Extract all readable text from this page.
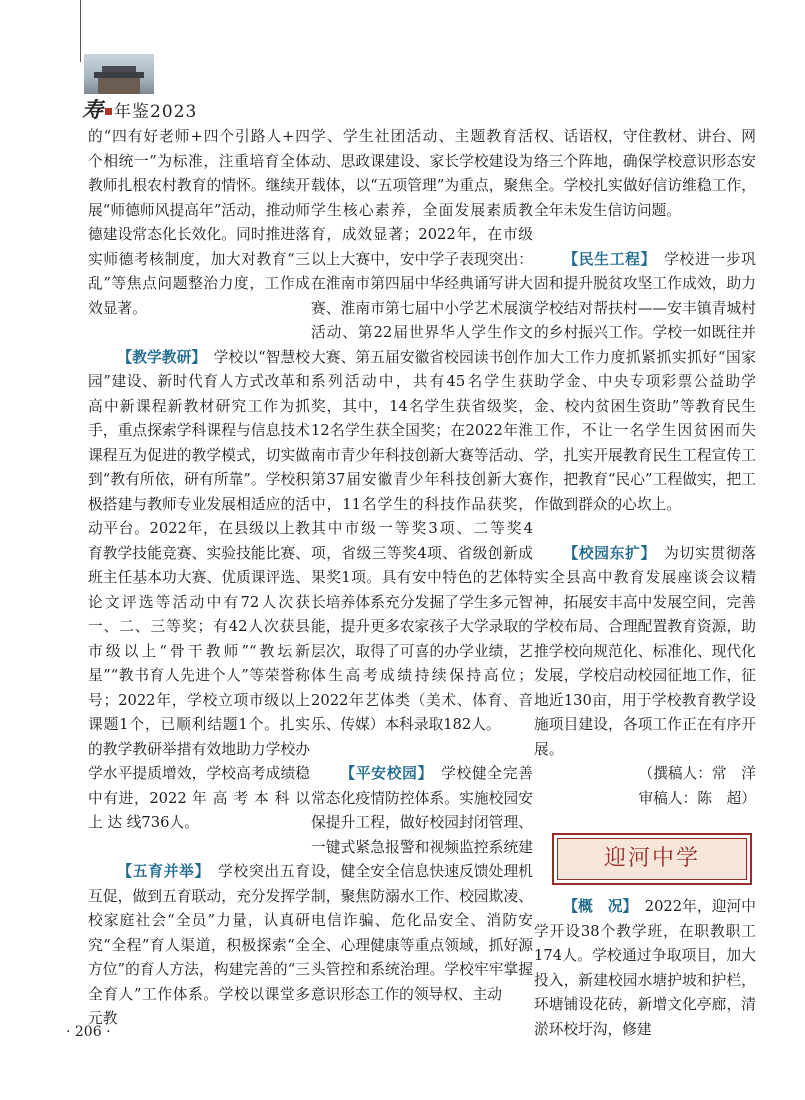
寿 年鉴2023

的“四有好老师+四个引路人+四个相统一”为标准，注重培育全体教师扎根农村教育的情怀。继续开展“师德师风提高年”活动，推动师德建设常态化长效化。同时推进落实师德考核制度，加大对教育“三乱”等焦点问题整治力度，工作成效显著。

【教学教研】　 学校以“智慧校园”建设、新时代育人方式改革和高中新课程新教材研究工作为抓手，重点探索学科课程与信息技术课程互为促进的教学模式，切实做到“教有所依，研有所靠”。学校积极搭建与教师专业发展相适应的活动平台。2022年，在县级以上教育教学技能竞赛、实验技能比赛、班主任基本功大赛、优质课评选、论文评选等活动中有72人次获一、二、三等奖；有42人次获县市级以上“骨干教师”“教坛新星”“教书育人先进个人”等荣誉称号；2022年，学校立项市级以上课题1个，已顺利结题1个。扎实的教学教研举措有效地助力学校办学水平提质增效，学校高考成绩稳中有进，2022 年 高 考 本 科 以 上 达 线736人。

【五育并举】　 学校突出五育互促，做到五育联动，充分发挥学校家庭社会“全员”力量，认真研究“全程”育人渠道，积极探索“全方位”的育人方法，构建完善的“三全育人”工作体系。学校以课堂多元教

学、学生社团活动、主题教育活动、思政课建设、家长学校建设为载体，以“五项管理”为重点，聚焦学生核心素养，全面发展素质教育，成效显著；2022年，在市级以上大赛中，安中学子表现突出：在淮南市第四届中华经典诵写讲大赛、淮南市第七届中小学艺术展演活动、第22届世界华人学生作文大赛、第五届安徽省校园读书创作系列活动中，共有45名学生获奖，其中，14名学生获省级奖，12名学生获全国奖；在2022年淮南市青少年科技创新大赛等活动、第37届安徽青少年科技创新大赛中，11名学生的科技作品获奖，其中市级一等奖3项、二等奖4项，省级三等奖4项、省级创新成果奖1项。具有安中特色的艺体特长培养体系充分发掘了学生多元智能，提升更多农家孩子大学录取的层次，取得了可喜的办学业绩，艺体生高考成绩持续保持高位；2022年艺体类（美术、体育、音乐、传媒）本科录取182人。

【平安校园】　 学校健全完善常态化疫情防控体系。实施校园安保提升工程，做好校园封闭管理、一键式紧急报警和视频监控系统建设，健全安全信息快速反馈处理机制，聚焦防溺水工作、校园欺凌、电信诈骗、危化品安全、消防安全、心理健康等重点领域，抓好源头管控和系统治理。学校牢牢掌握意识形态工作的领导权、主动

权、话语权，守住教材、讲台、网络三个阵地，确保学校意识形态安全。学校扎实做好信访维稳工作，全年未发生信访问题。

【民生工程】　 学校进一步巩固和提升脱贫攻坚工作成效，助力学校结对帮扶村——安丰镇青城村的乡村振兴工作。学校一如既往并加大工作力度抓紧抓实抓好“国家助学金、中央专项彩票公益助学金、校内贫困生资助”等教育民生工作，不让一名学生因贫困而失学，扎实开展教育民生工程宣传工作，把教育“民心”工程做实，把工作做到群众的心坎上。

【校园东扩】　 为切实贯彻落实全县高中教育发展座谈会议精神，拓展安丰高中发展空间，完善学校布局、合理配置教育资源，助推学校向规范化、标准化、现代化发展，学校启动校园征地工作，征地近130亩，用于学校教育教学设施项目建设，各项工作正在有序开展。

（撰稿人：常　洋

审稿人：陈　超）

迎河中学

【概　况】　 2022年，迎河中学开设38个教学班，在职教职工174人。学校通过争取项目，加大投入，新建校园水塘护坡和护栏，环塘铺设花砖，新增文化亭廊，清淤环校圩沟，修建

· 206 ·
